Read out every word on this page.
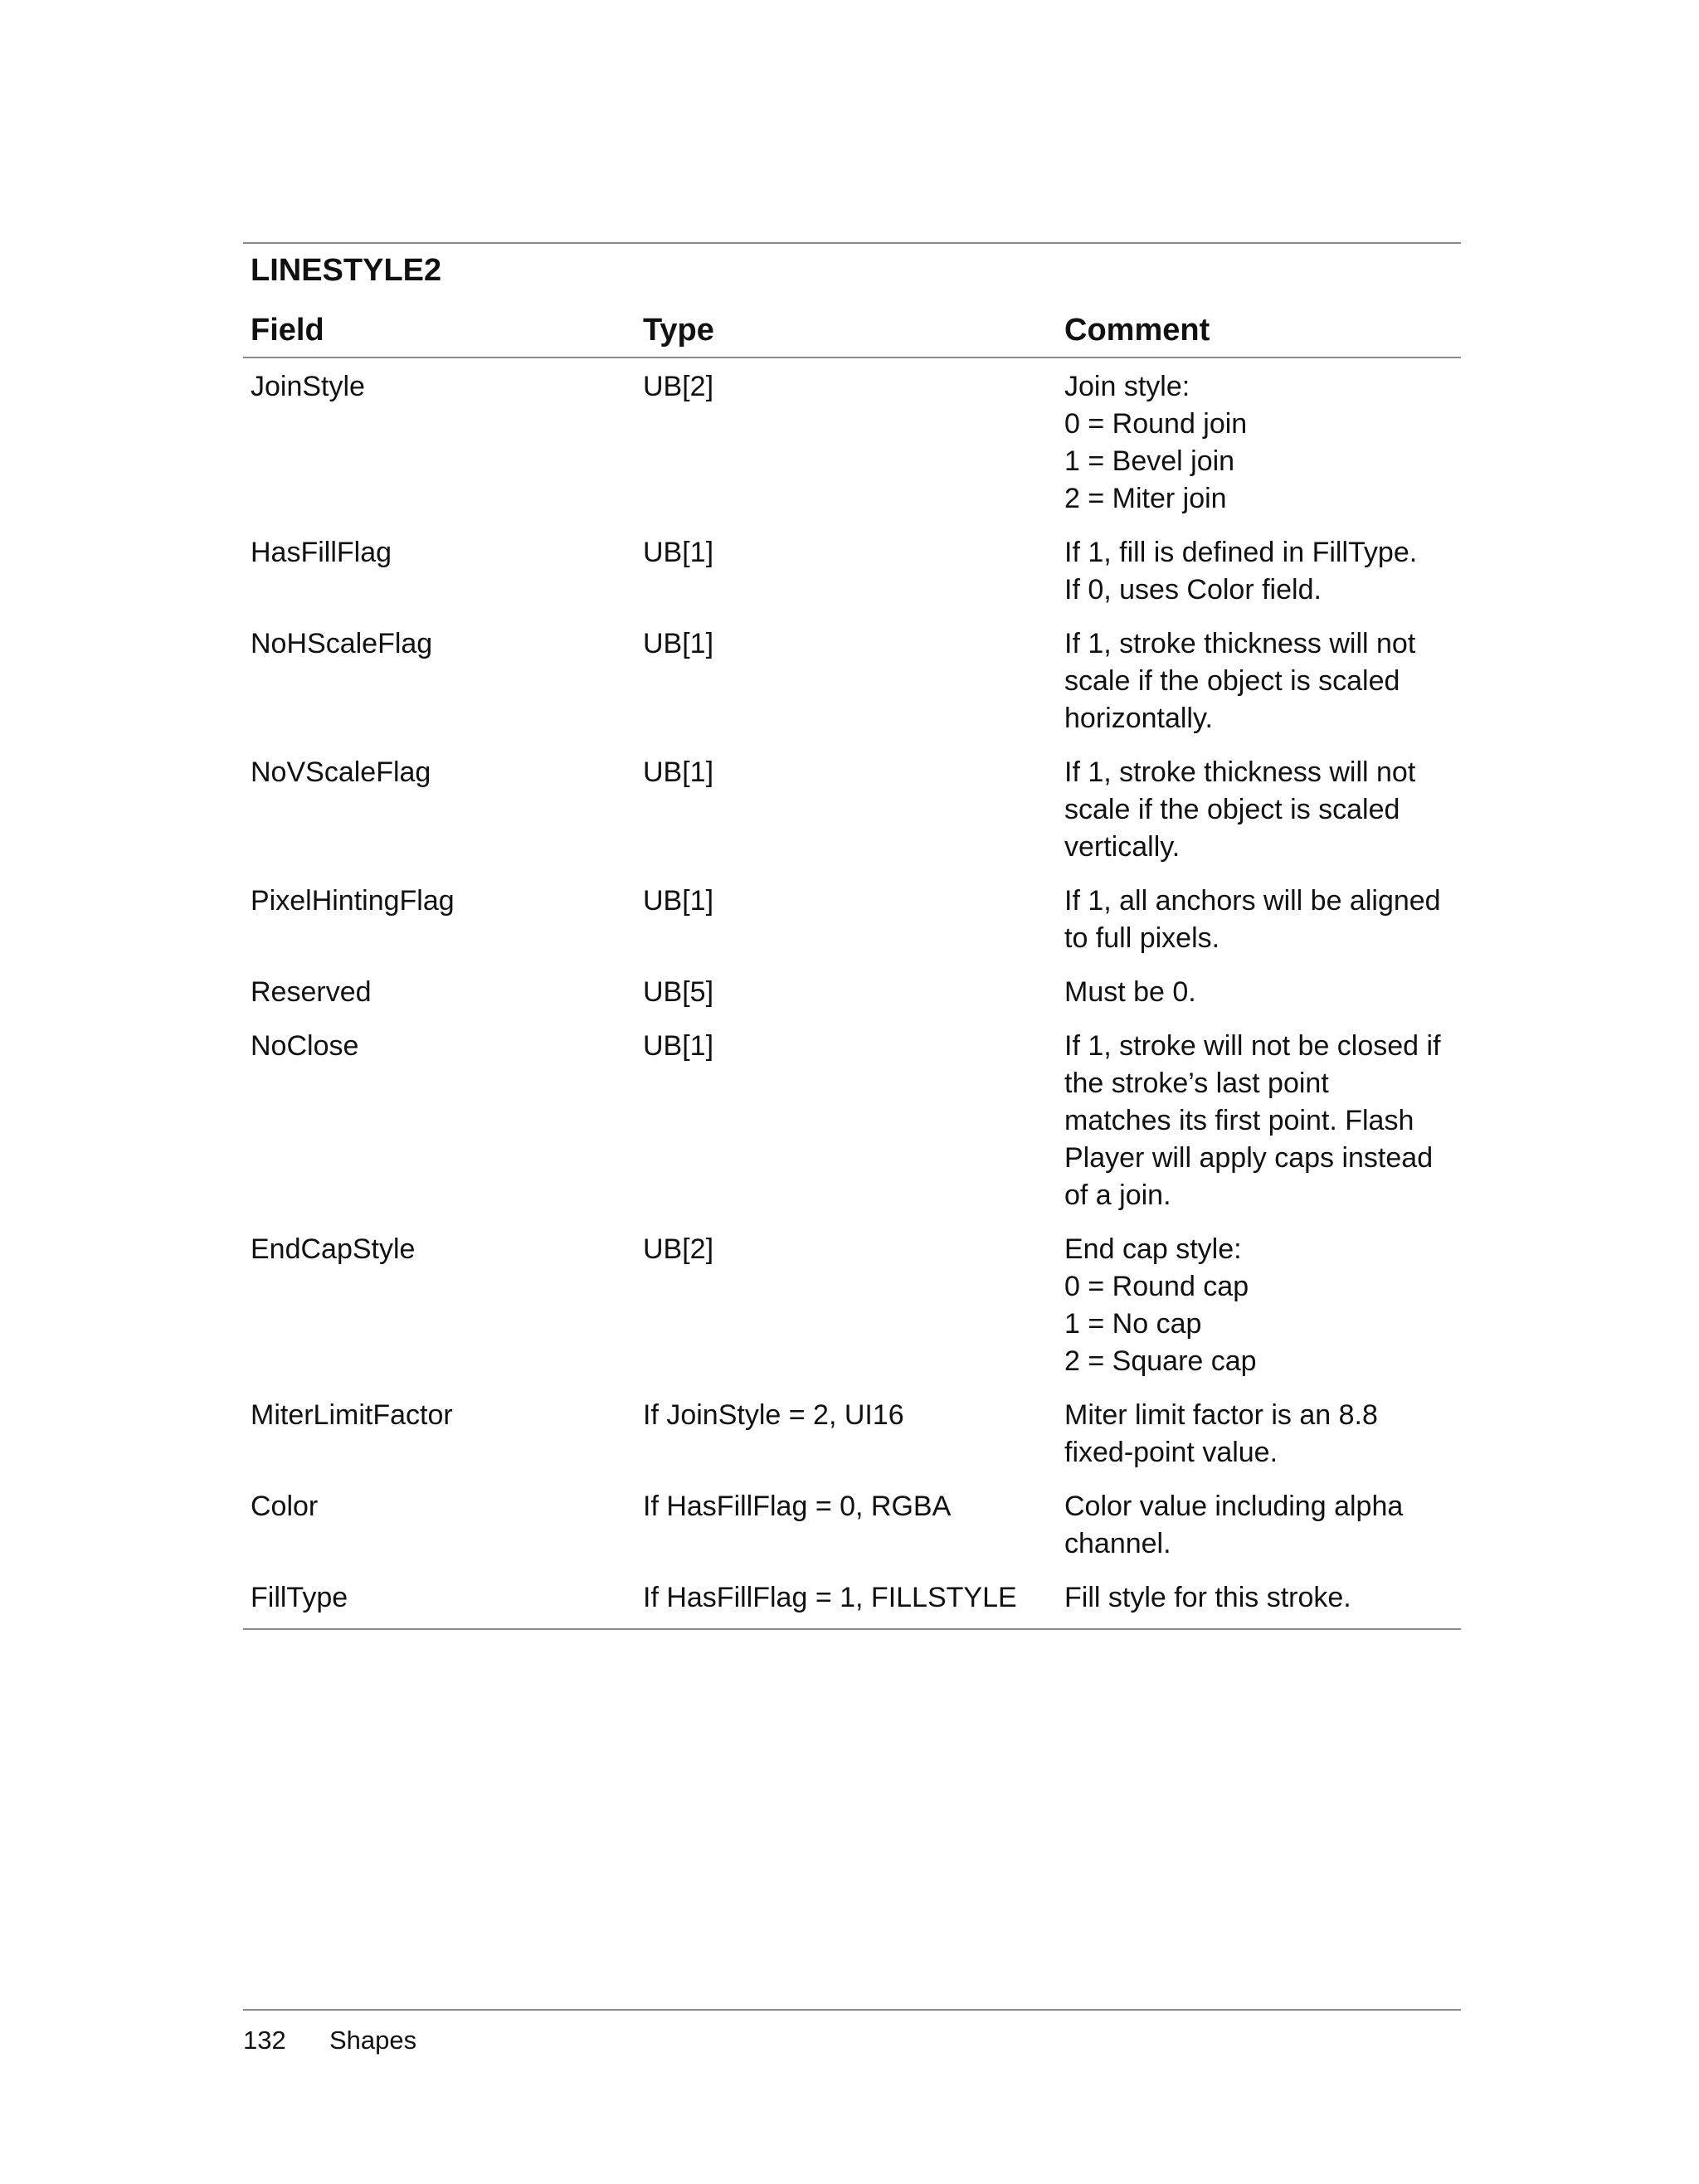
LINESTYLE2
Field	Type	Comment
JoinStyle	UB[2]	Join style:
0 = Round join
1 = Bevel join
2 = Miter join
HasFillFlag	UB[1]	If 1, fill is defined in FillType.
If 0, uses Color field.
NoHScaleFlag	UB[1]	If 1, stroke thickness will not
scale if the object is scaled
horizontally.
NoVScaleFlag	UB[1]	If 1, stroke thickness will not
scale if the object is scaled
vertically.
PixelHintingFlag	UB[1]	If 1, all anchors will be aligned
to full pixels.
Reserved	UB[5]	Must be 0.
NoClose	UB[1]	If 1, stroke will not be closed if
the stroke’s last point
matches its first point. Flash
Player will apply caps instead
of a join.
EndCapStyle	UB[2]	End cap style:
0 = Round cap
1 = No cap
2 = Square cap
MiterLimitFactor	If JoinStyle = 2, UI16	Miter limit factor is an 8.8
fixed-point value.
Color	If HasFillFlag = 0, RGBA	Color value including alpha
channel.
FillType	If HasFillFlag = 1, FILLSTYLE	Fill style for this stroke.
132	Shapes
